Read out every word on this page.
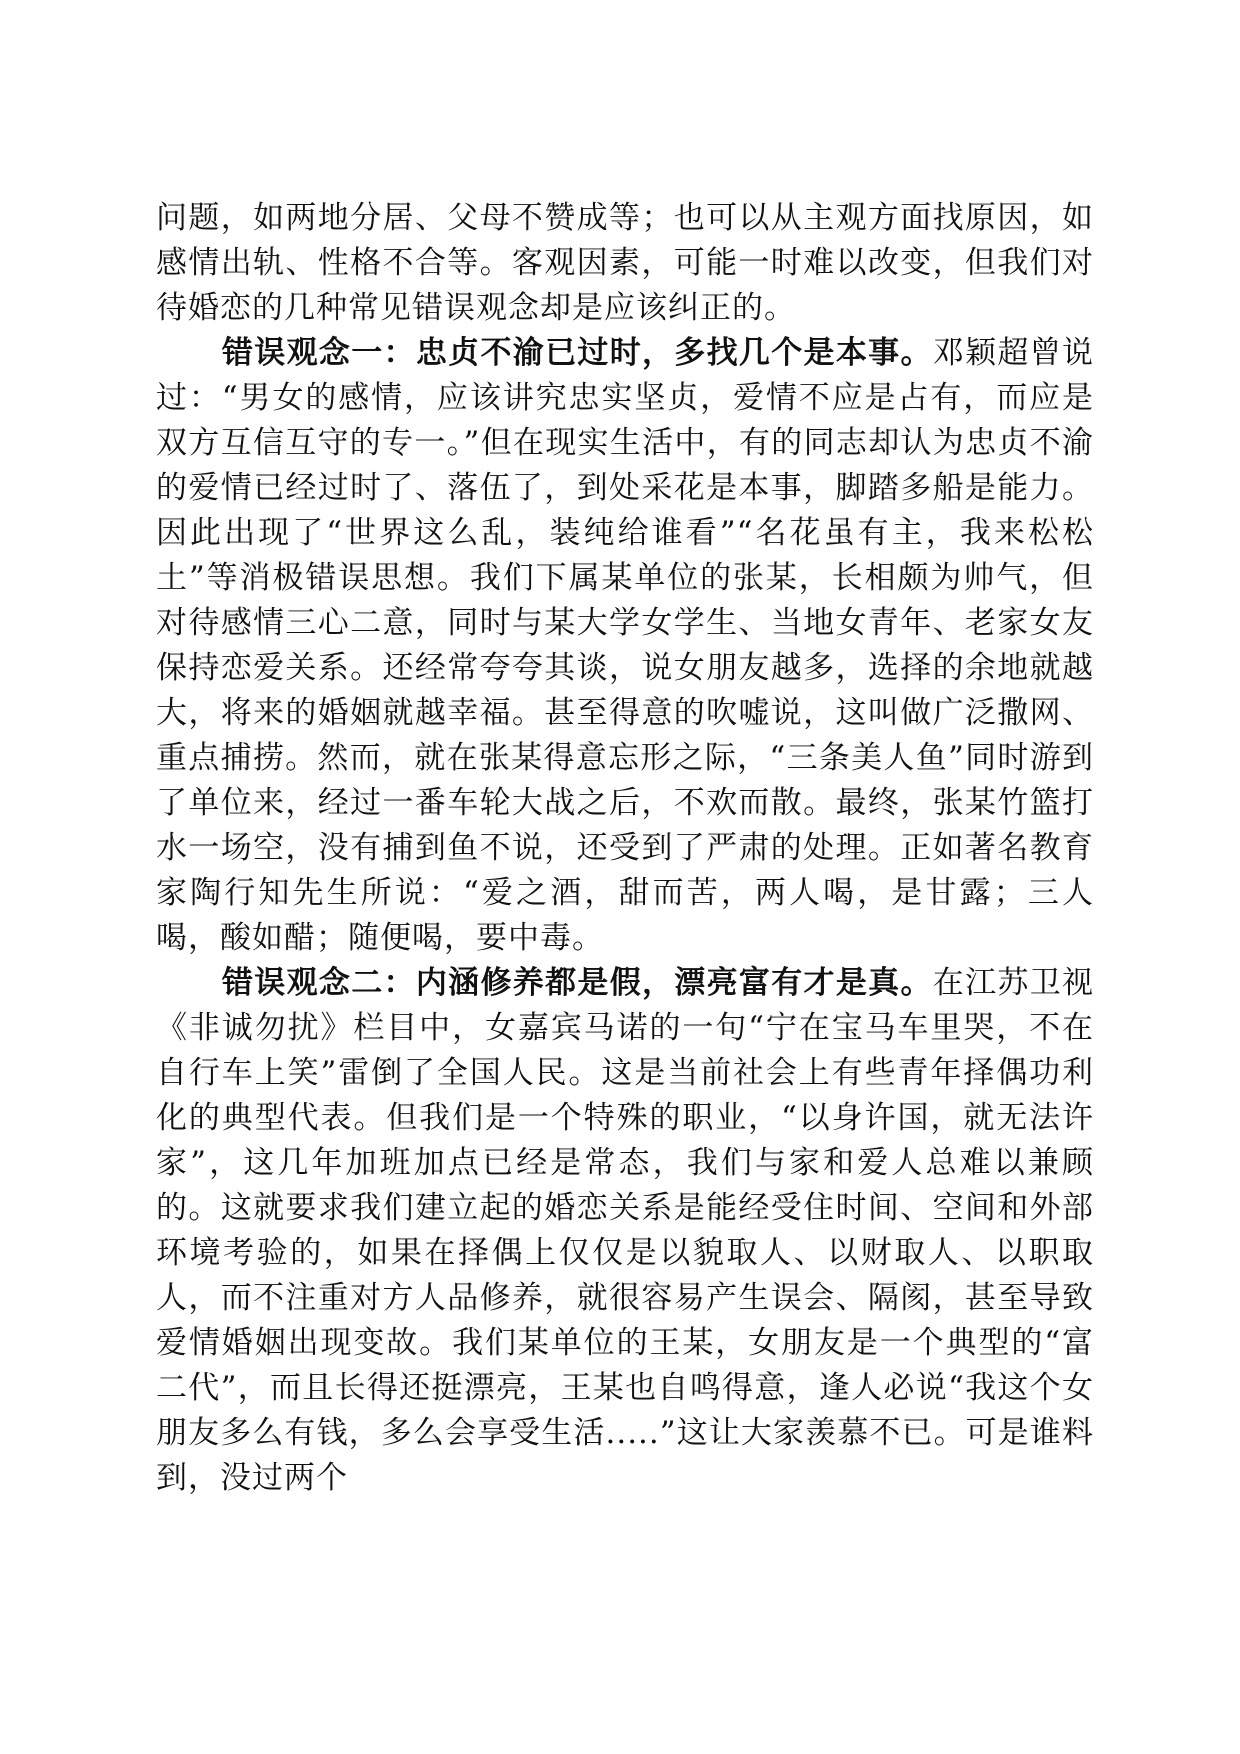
问题，如两地分居、父母不赞成等；也可以从主观方面找原因，如感情出轨、性格不合等。客观因素，可能一时难以改变，但我们对待婚恋的几种常见错误观念却是应该纠正的。

错误观念一：忠贞不渝已过时，多找几个是本事。邓颖超曾说过：“男女的感情，应该讲究忠实坚贞，爱情不应是占有，而应是双方互信互守的专一。”但在现实生活中，有的同志却认为忠贞不渝的爱情已经过时了、落伍了，到处采花是本事，脚踏多船是能力。因此出现了“世界这么乱，装纯给谁看”“名花虽有主，我来松松土”等消极错误思想。我们下属某单位的张某，长相颇为帅气，但对待感情三心二意，同时与某大学女学生、当地女青年、老家女友保持恋爱关系。还经常夸夸其谈，说女朋友越多，选择的余地就越大，将来的婚姻就越幸福。甚至得意的吹嘘说，这叫做广泛撒网、重点捕捞。然而，就在张某得意忘形之际，“三条美人鱼”同时游到了单位来，经过一番车轮大战之后，不欢而散。最终，张某竹篮打水一场空，没有捕到鱼不说，还受到了严肃的处理。正如著名教育家陶行知先生所说：“爱之酒，甜而苦，两人喝，是甘露；三人喝，酸如醋；随便喝，要中毒。

错误观念二：内涵修养都是假，漂亮富有才是真。在江苏卫视《非诚勿扰》栏目中，女嘉宾马诺的一句“宁在宝马车里哭，不在自行车上笑”雷倒了全国人民。这是当前社会上有些青年择偶功利化的典型代表。但我们是一个特殊的职业，“以身许国，就无法许家”，这几年加班加点已经是常态，我们与家和爱人总难以兼顾的。这就要求我们建立起的婚恋关系是能经受住时间、空间和外部环境考验的，如果在择偶上仅仅是以貌取人、以财取人、以职取人，而不注重对方人品修养，就很容易产生误会、隔阂，甚至导致爱情婚姻出现变故。我们某单位的王某，女朋友是一个典型的“富二代”，而且长得还挺漂亮，王某也自鸣得意，逢人必说“我这个女朋友多么有钱，多么会享受生活.....”这让大家羡慕不已。可是谁料到，没过两个
